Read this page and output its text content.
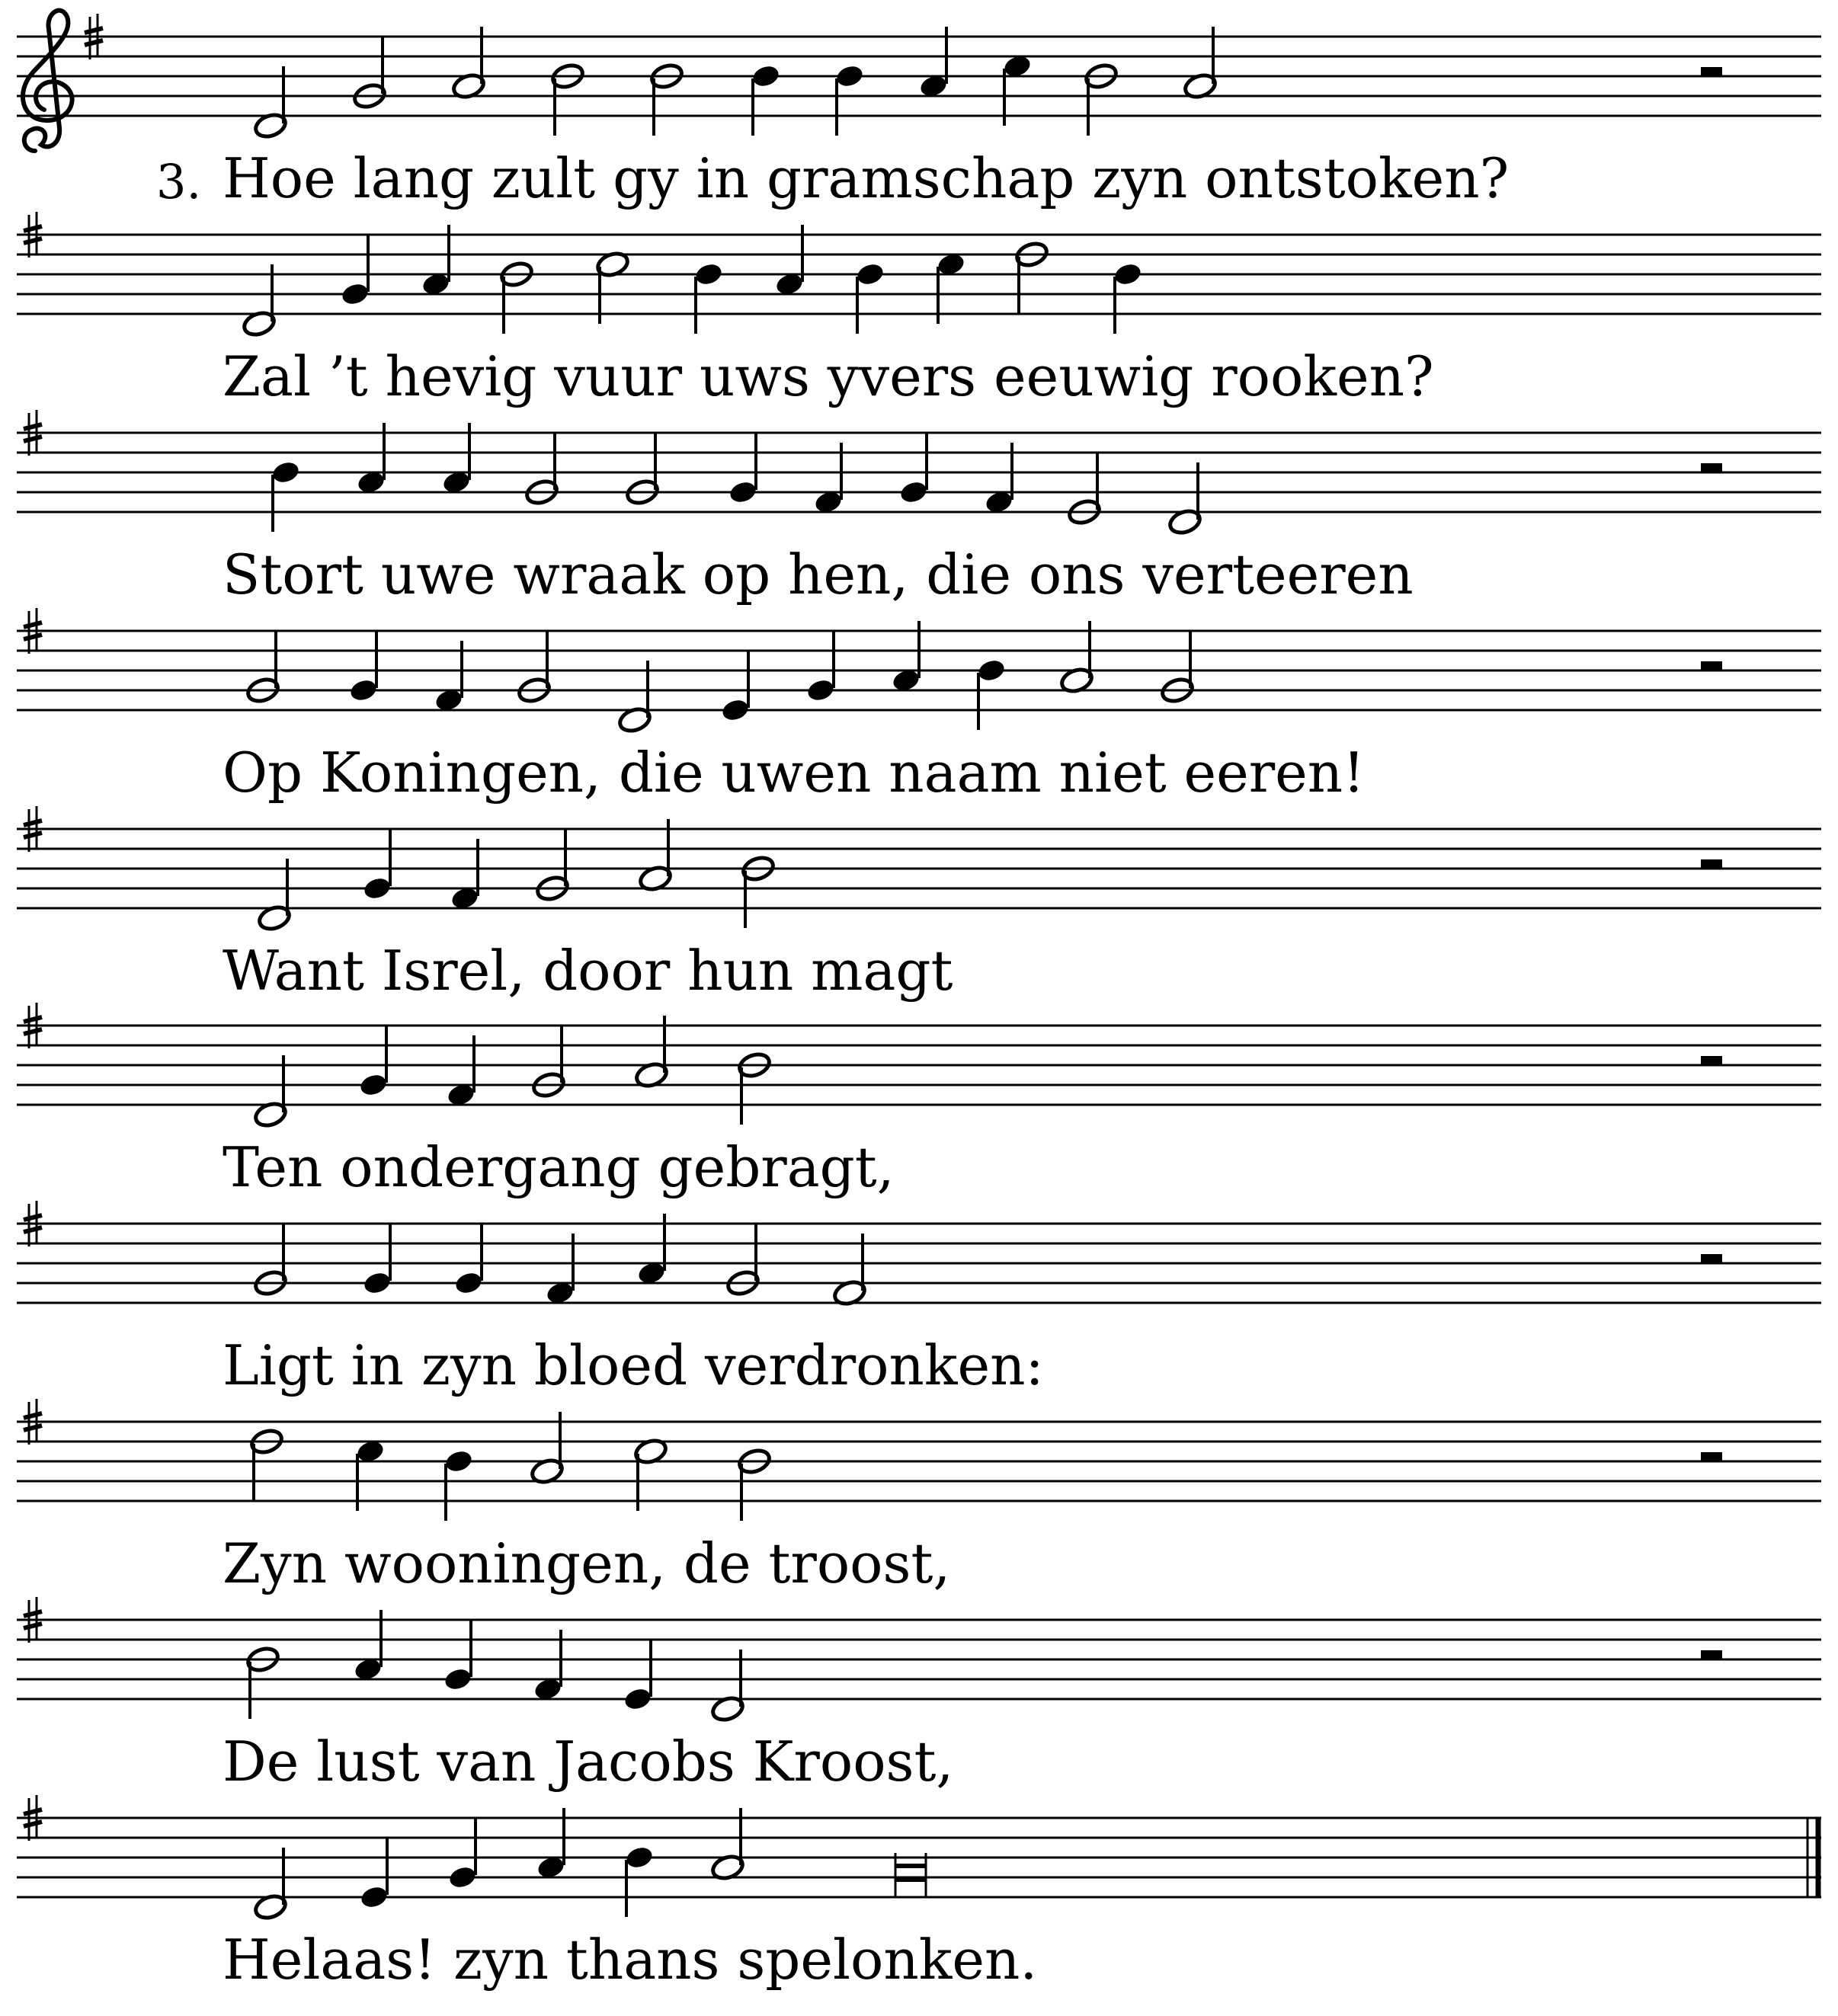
Hoe lang zult gy in gramschap zyn ontstoken?
Zal ’t hevig vuur uws yvers eeuwig rooken?
Stort uwe wraak op hen, die ons verteeren
Op Koningen, die uwen naam niet eeren!
Want Isrel, door hun magt
Ten ondergang gebragt,
Ligt in zyn bloed verdronken:
Zyn wooningen, de troost,
De lust van Jacobs Kroost,
Helaas! zyn thans spelonken.
3.
